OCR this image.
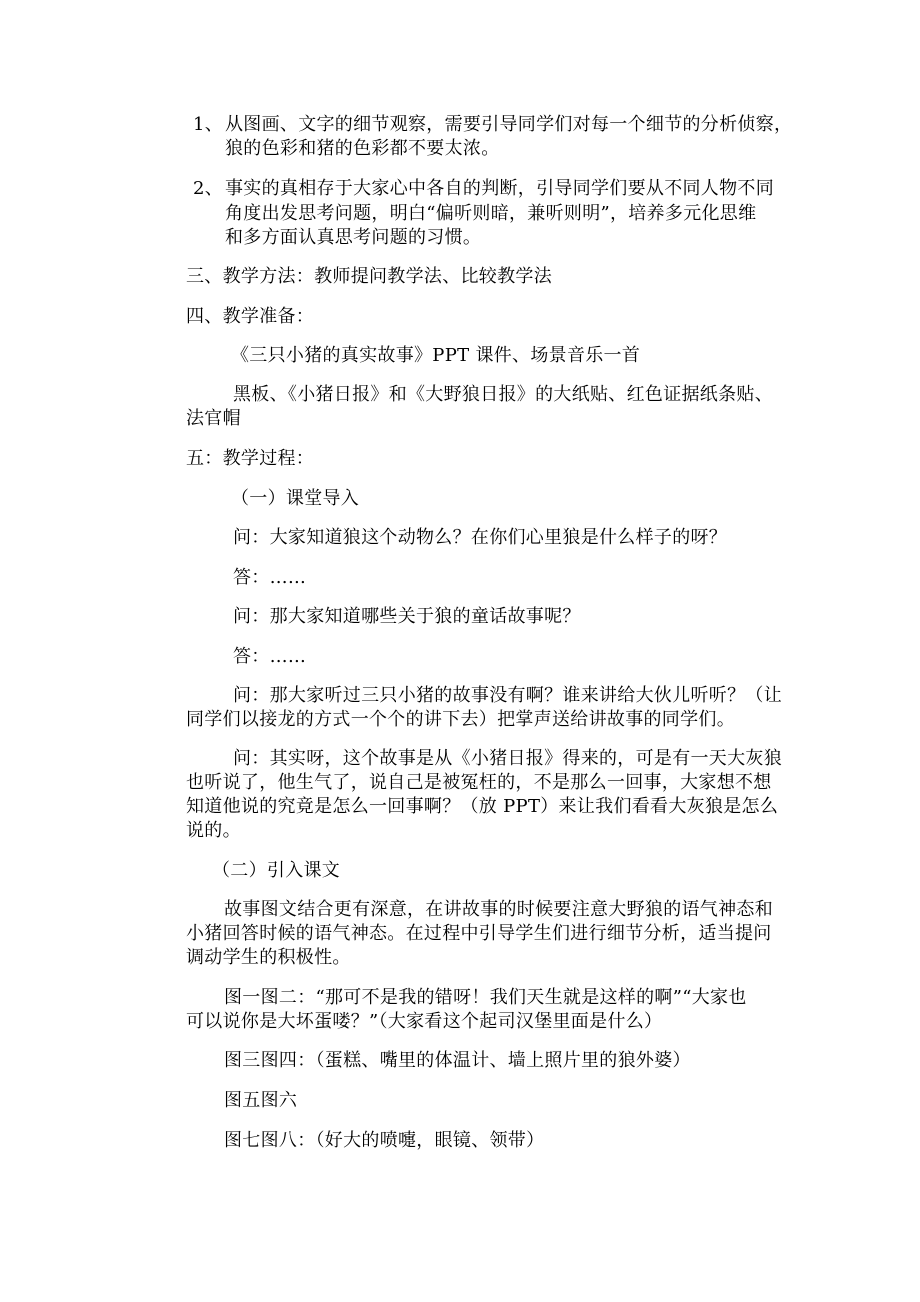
1、 从图画、文字的细节观察，需要引导同学们对每一个细节的分析侦察，
狼的色彩和猪的色彩都不要太浓。
2、 事实的真相存于大家心中各自的判断，引导同学们要从不同人物不同
角度出发思考问题，明白“偏听则暗，兼听则明”，培养多元化思维
和多方面认真思考问题的习惯。
三、教学方法：教师提问教学法、比较教学法
四、教学准备：
《三只小猪的真实故事》PPT 课件、场景音乐一首
黑板、《小猪日报》和《大野狼日报》的大纸贴、红色证据纸条贴、
法官帽
五：教学过程：
（一）课堂导入
问：大家知道狼这个动物么？在你们心里狼是什么样子的呀？
答：……
问：那大家知道哪些关于狼的童话故事呢？
答：……
问：那大家听过三只小猪的故事没有啊？谁来讲给大伙儿听听？（让
同学们以接龙的方式一个个的讲下去）把掌声送给讲故事的同学们。
问：其实呀，这个故事是从《小猪日报》得来的，可是有一天大灰狼
也听说了，他生气了，说自己是被冤枉的，不是那么一回事，大家想不想
知道他说的究竟是怎么一回事啊？（放 PPT）来让我们看看大灰狼是怎么
说的。
（二）引入课文
故事图文结合更有深意，在讲故事的时候要注意大野狼的语气神态和
小猪回答时候的语气神态。在过程中引导学生们进行细节分析，适当提问
调动学生的积极性。
图一图二：“那可不是我的错呀！我们天生就是这样的啊”“大家也
可以说你是大坏蛋喽？”（大家看这个起司汉堡里面是什么）
图三图四：（蛋糕、嘴里的体温计、墙上照片里的狼外婆）
图五图六
图七图八：（好大的喷嚏，眼镜、领带）
